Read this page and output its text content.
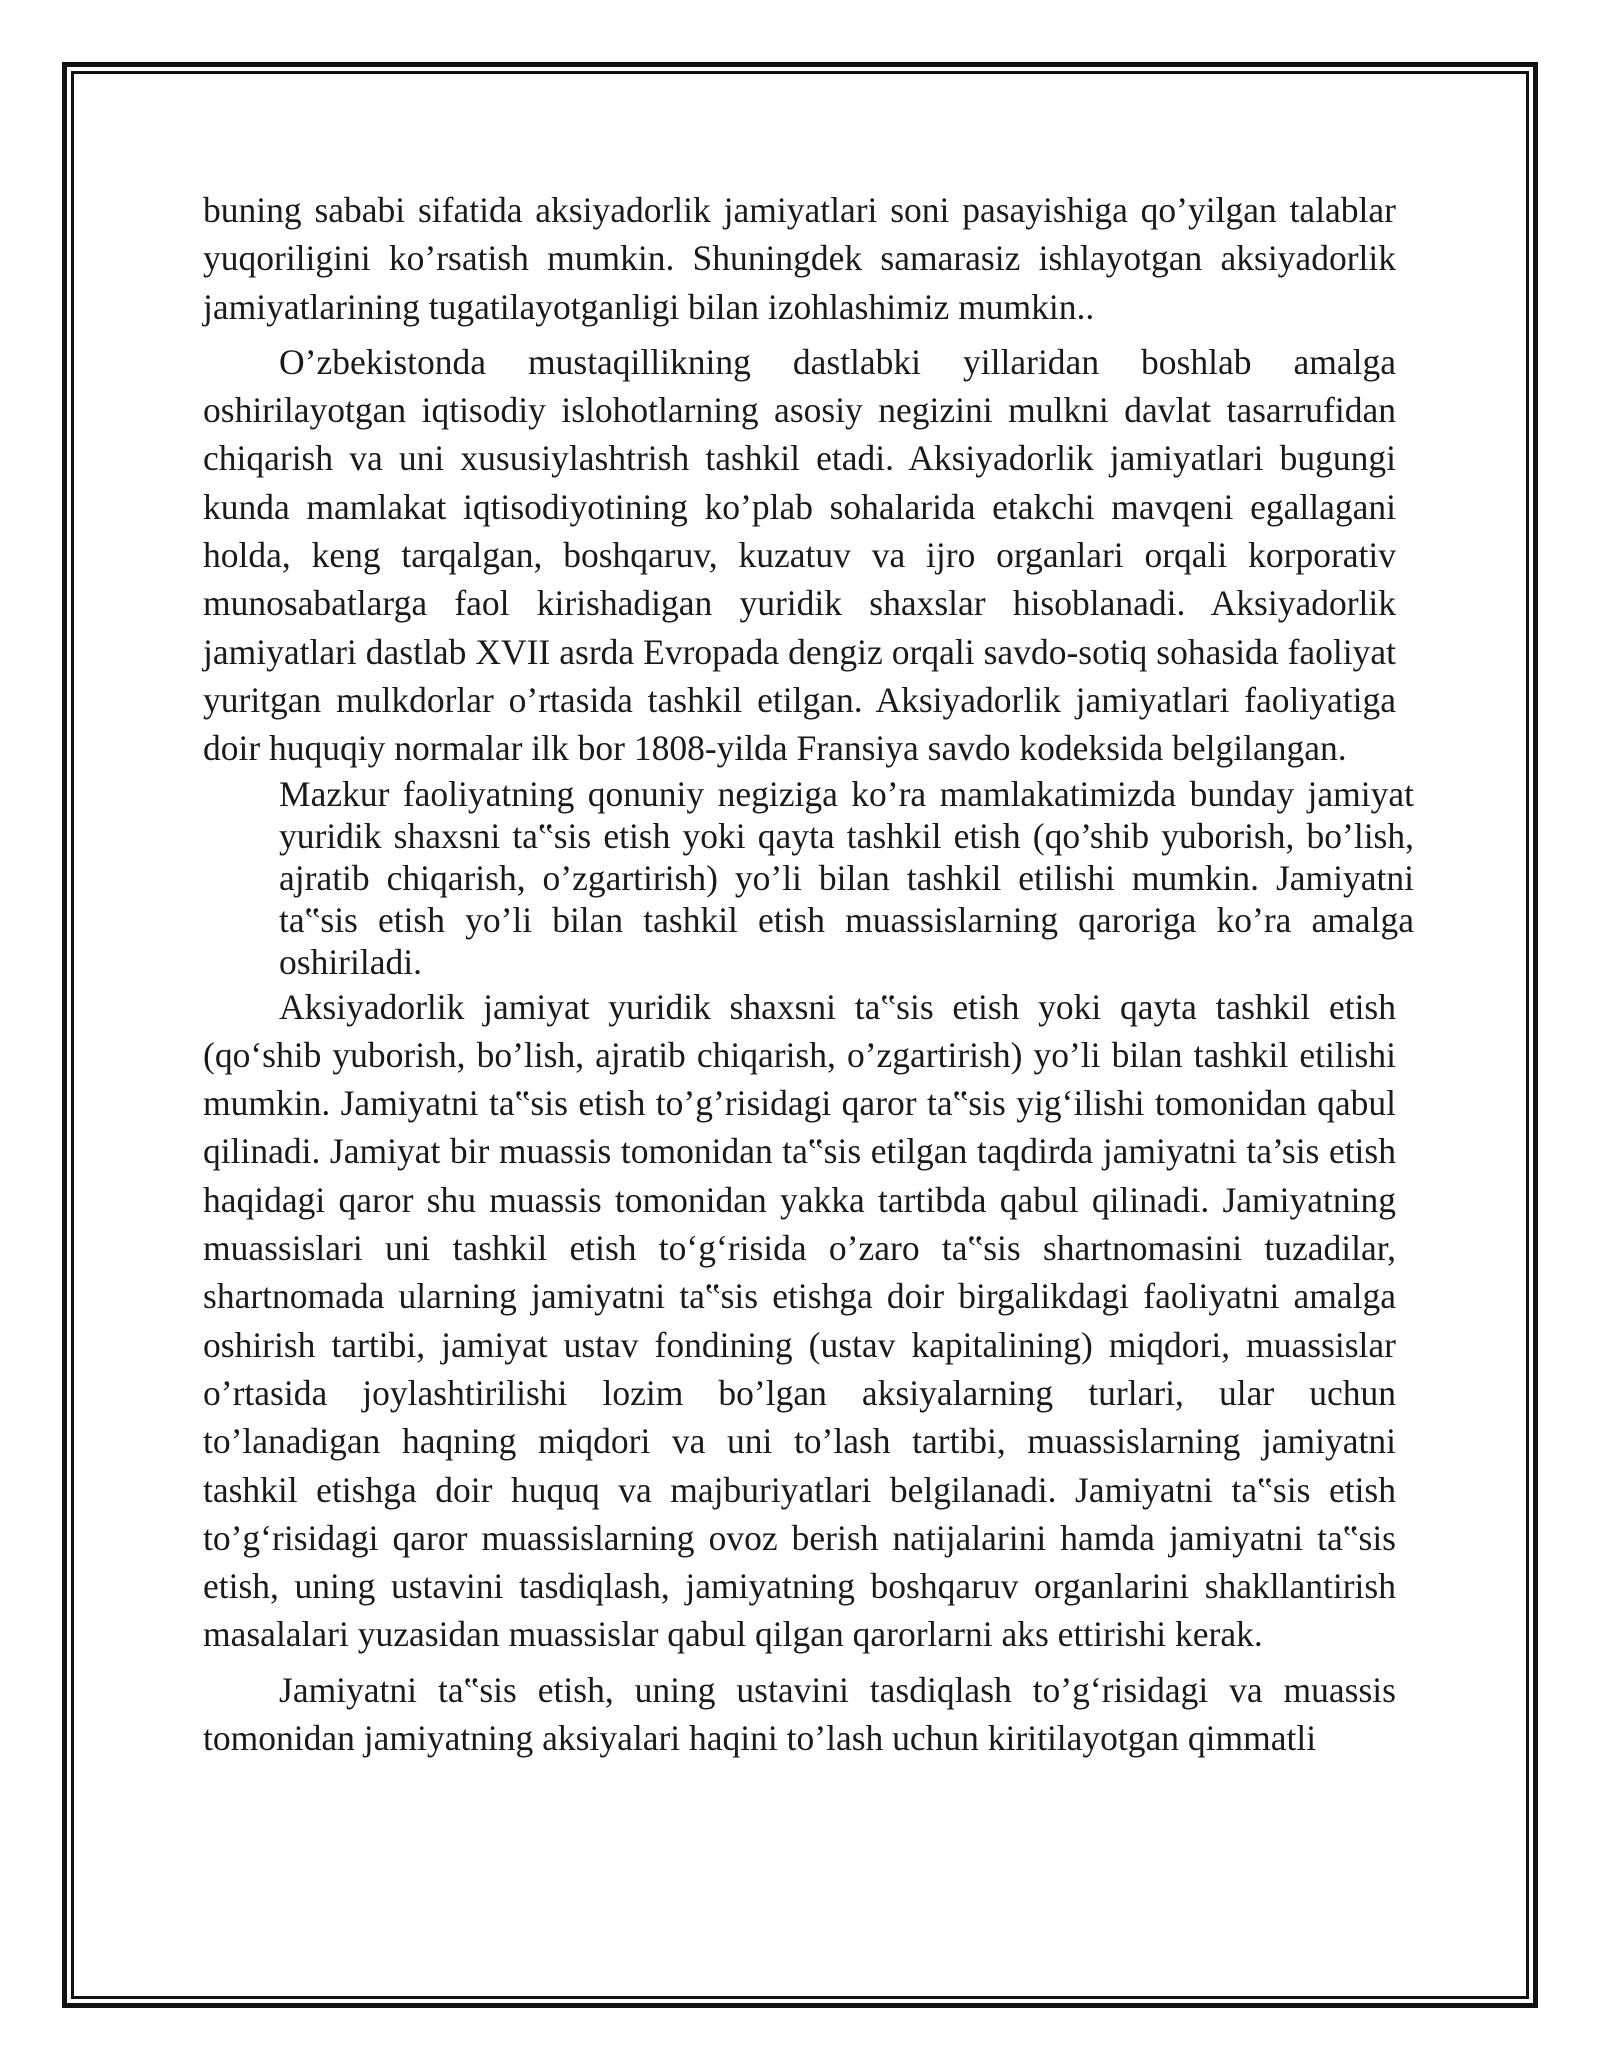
buning sababi sifatida aksiyadorlik jamiyatlari soni pasayishiga qo’yilgan talablar yuqoriligini ko’rsatish mumkin. Shuningdek samarasiz ishlayotgan aksiyadorlik jamiyatlarining tugatilayotganligi bilan izohlashimiz mumkin..

O’zbekistonda mustaqillikning dastlabki yillaridan boshlab amalga oshirilayotgan iqtisodiy islohotlarning asosiy negizini mulkni davlat tasarrufidan chiqarish va uni xususiylashtrish tashkil etadi. Aksiyadorlik jamiyatlari bugungi kunda mamlakat iqtisodiyotining ko’plab sohalarida etakchi mavqeni egallagani holda, keng tarqalgan, boshqaruv, kuzatuv va ijro organlari orqali korporativ munosabatlarga faol kirishadigan yuridik shaxslar hisoblanadi. Aksiyadorlik jamiyatlari dastlab XVII asrda Evropada dengiz orqali savdo-sotiq sohasida faoliyat yuritgan mulkdorlar o’rtasida tashkil etilgan. Aksiyadorlik jamiyatlari faoliyatiga doir huquqiy normalar ilk bor 1808-yilda Fransiya savdo kodeksida belgilangan.

Mazkur faoliyatning qonuniy negiziga ko’ra mamlakatimizda bunday jamiyat yuridik shaxsni ta‟sis etish yoki qayta tashkil etish (qo’shib yuborish, bo’lish, ajratib chiqarish, o’zgartirish) yo’li bilan tashkil etilishi mumkin. Jamiyatni ta‟sis etish yo’li bilan tashkil etish muassislarning qaroriga ko’ra amalga oshiriladi.

Aksiyadorlik jamiyat yuridik shaxsni ta‟sis etish yoki qayta tashkil etish (qo‘shib yuborish, bo’lish, ajratib chiqarish, o’zgartirish) yo’li bilan tashkil etilishi mumkin. Jamiyatni ta‟sis etish to’g’risidagi qaror ta‟sis yig‘ilishi tomonidan qabul qilinadi. Jamiyat bir muassis tomonidan ta‟sis etilgan taqdirda jamiyatni ta’sis etish haqidagi qaror shu muassis tomonidan yakka tartibda qabul qilinadi. Jamiyatning muassislari uni tashkil etish to‘g‘risida o’zaro ta‟sis shartnomasini tuzadilar, shartnomada ularning jamiyatni ta‟sis etishga doir birgalikdagi faoliyatni amalga oshirish tartibi, jamiyat ustav fondining (ustav kapitalining) miqdori, muassislar o’rtasida joylashtirilishi lozim bo’lgan aksiyalarning turlari, ular uchun to’lanadigan haqning miqdori va uni to’lash tartibi, muassislarning jamiyatni tashkil etishga doir huquq va majburiyatlari belgilanadi. Jamiyatni ta‟sis etish to’g‘risidagi qaror muassislarning ovoz berish natijalarini hamda jamiyatni ta‟sis etish, uning ustavini tasdiqlash, jamiyatning boshqaruv organlarini shakllantirish masalalari yuzasidan muassislar qabul qilgan qarorlarni aks ettirishi kerak.

Jamiyatni ta‟sis etish, uning ustavini tasdiqlash to’g‘risidagi va muassis tomonidan jamiyatning aksiyalari haqini to’lash uchun kiritilayotgan qimmatli
